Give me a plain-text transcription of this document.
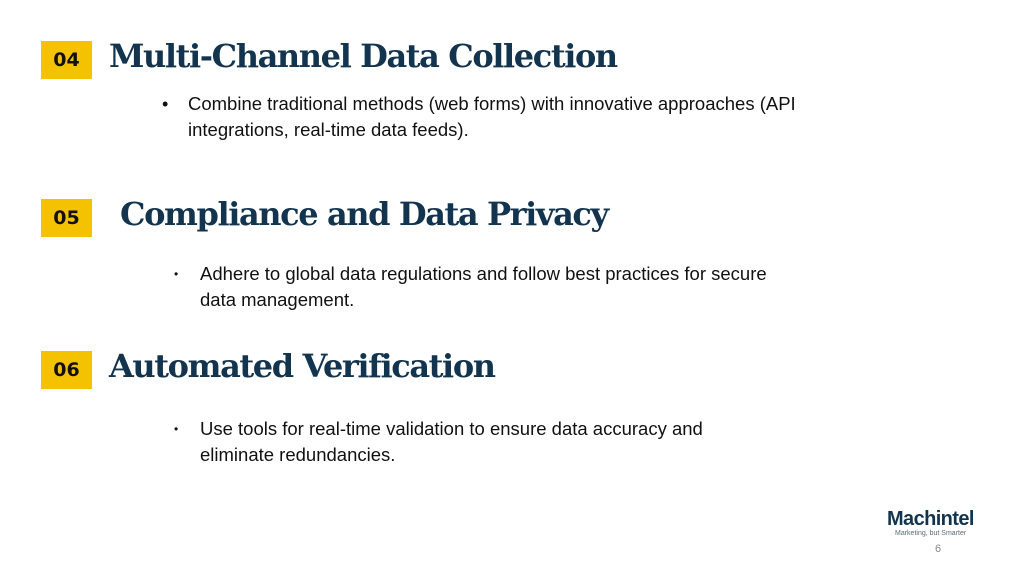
04 Multi-Channel Data Collection
•	Combine traditional methods (web forms) with innovative approaches (API integrations, real-time data feeds).
05	Compliance and Data Privacy
•	Adhere to global data regulations and follow best practices for secure data management.
06 Automated Verification
•	Use tools for real-time validation to ensure data accuracy and eliminate redundancies.
Machintel
Marketing, but Smarter
6
